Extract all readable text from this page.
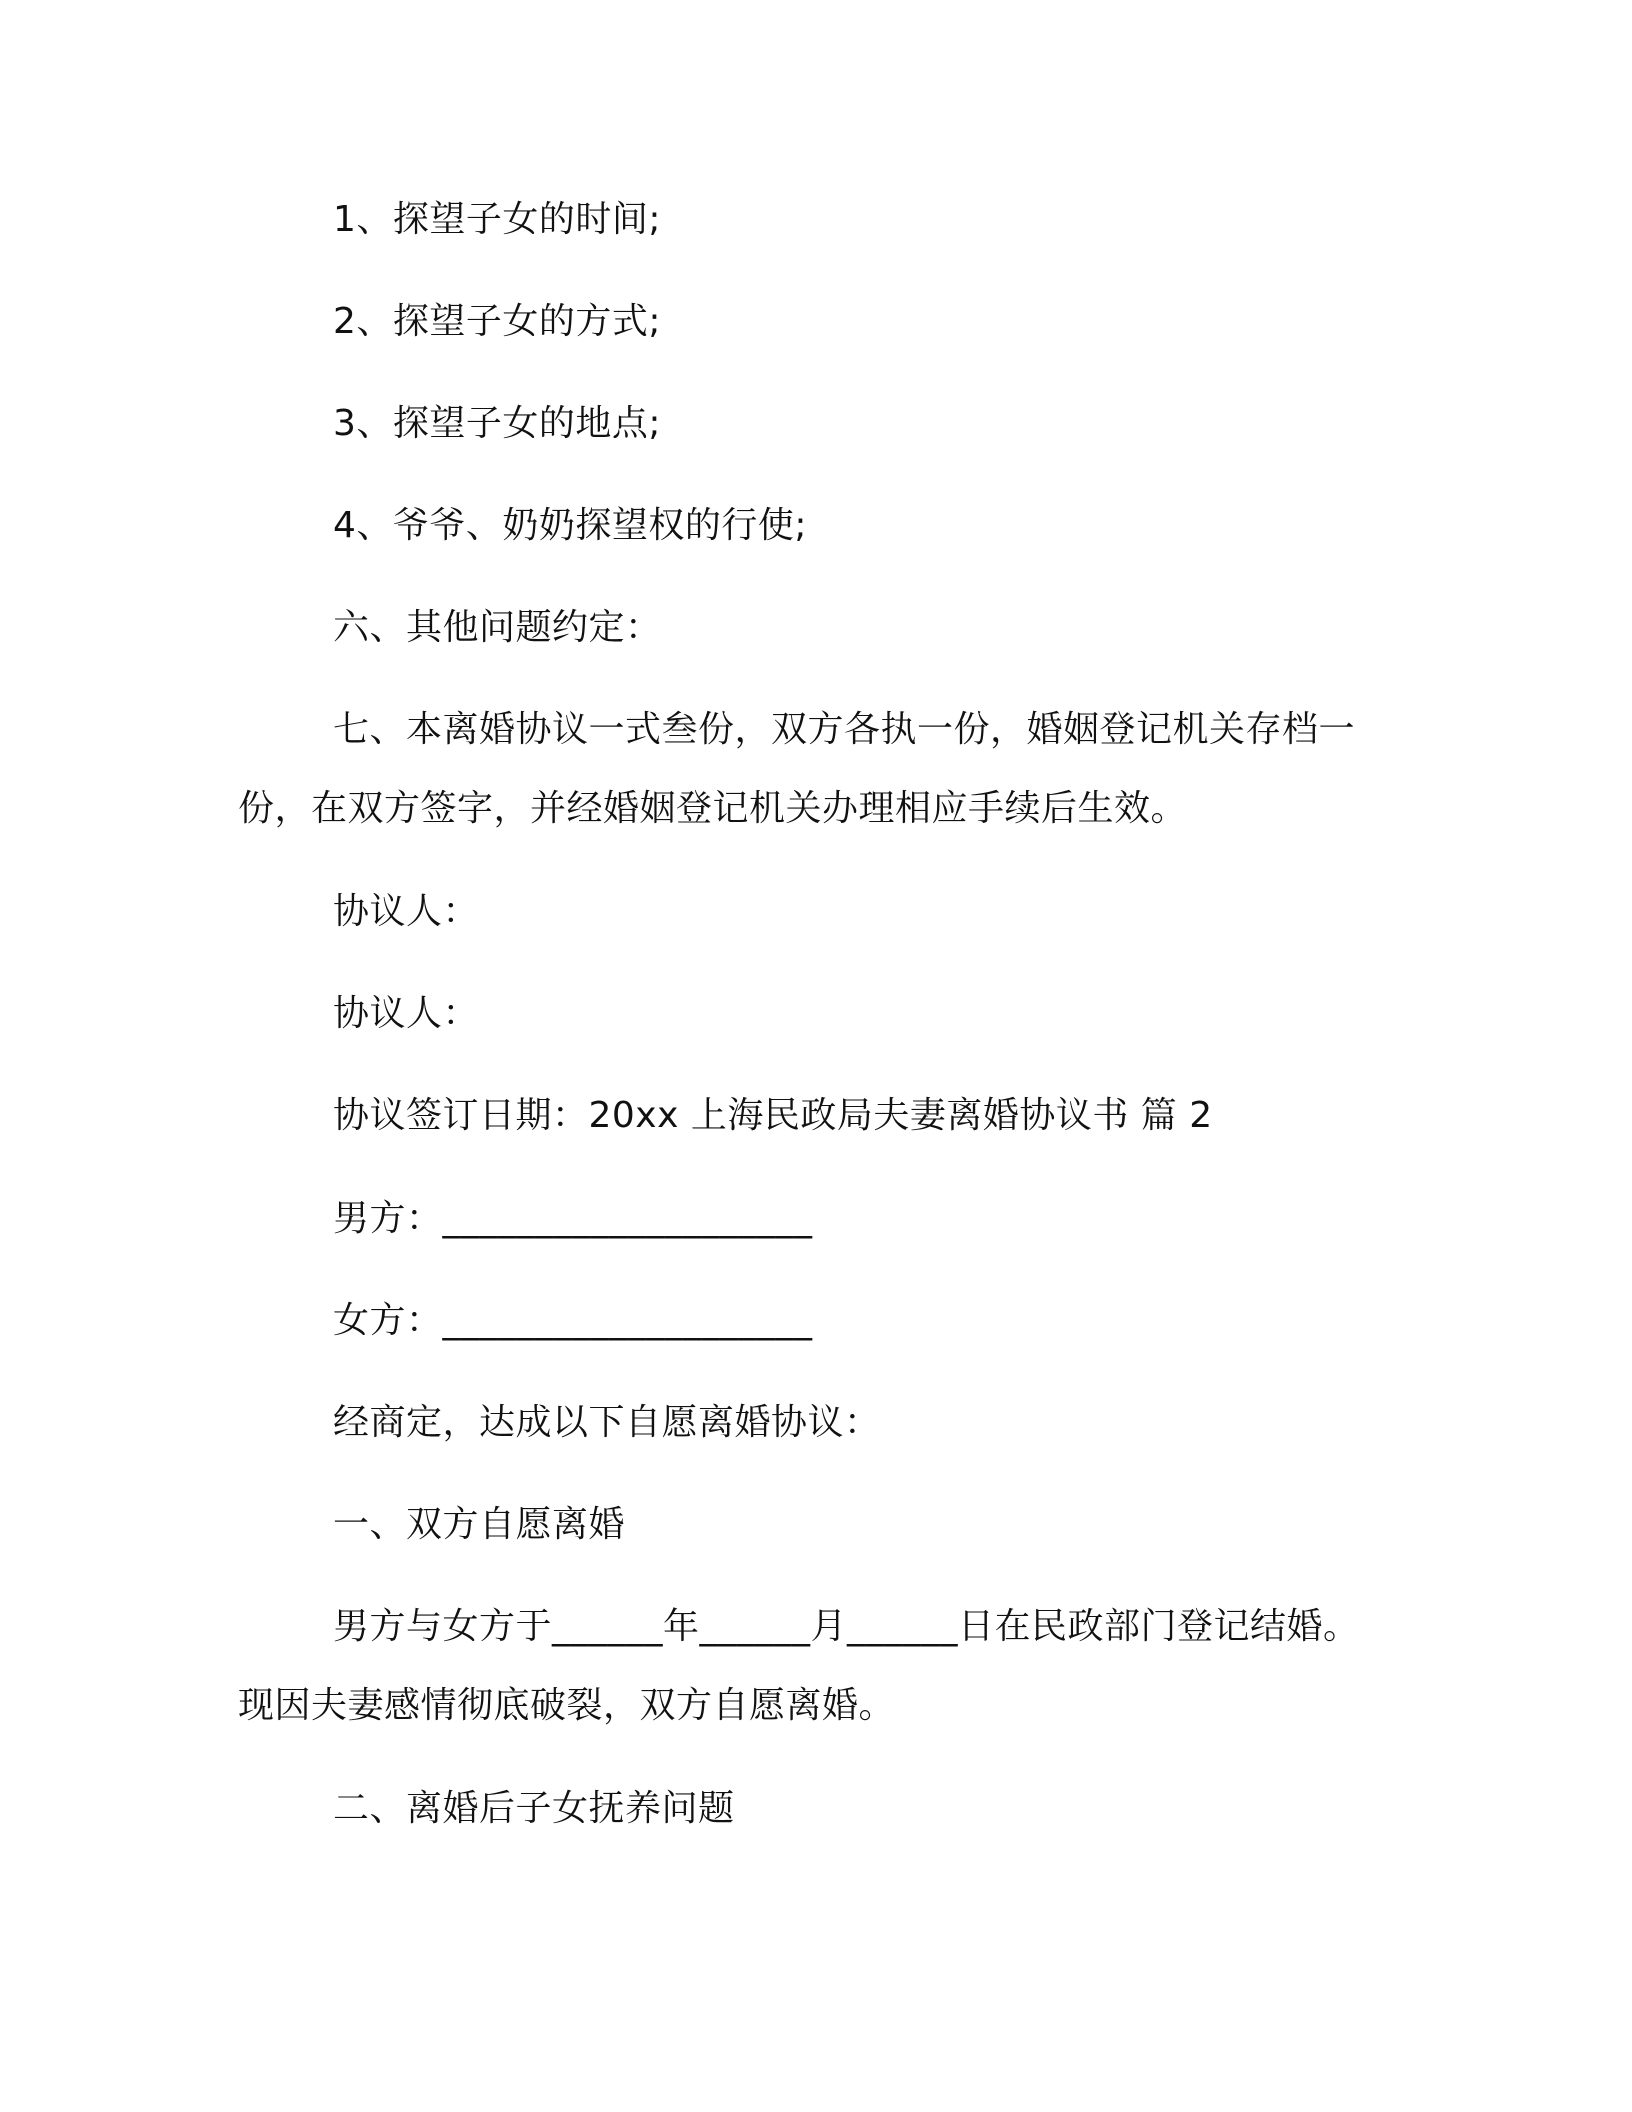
1、探望子女的时间;
2、探望子女的方式;
3、探望子女的地点;
4、爷爷、奶奶探望权的行使;
六、其他问题约定：
七、本离婚协议一式叁份，双方各执一份，婚姻登记机关存档一
份，在双方签字，并经婚姻登记机关办理相应手续后生效。
协议人：
协议人：
协议签订日期：20xx 上海民政局夫妻离婚协议书 篇 2
男方：____________________
女方：____________________
经商定，达成以下自愿离婚协议：
一、双方自愿离婚
男方与女方于______年______月______日在民政部门登记结婚。
现因夫妻感情彻底破裂，双方自愿离婚。
二、离婚后子女抚养问题
